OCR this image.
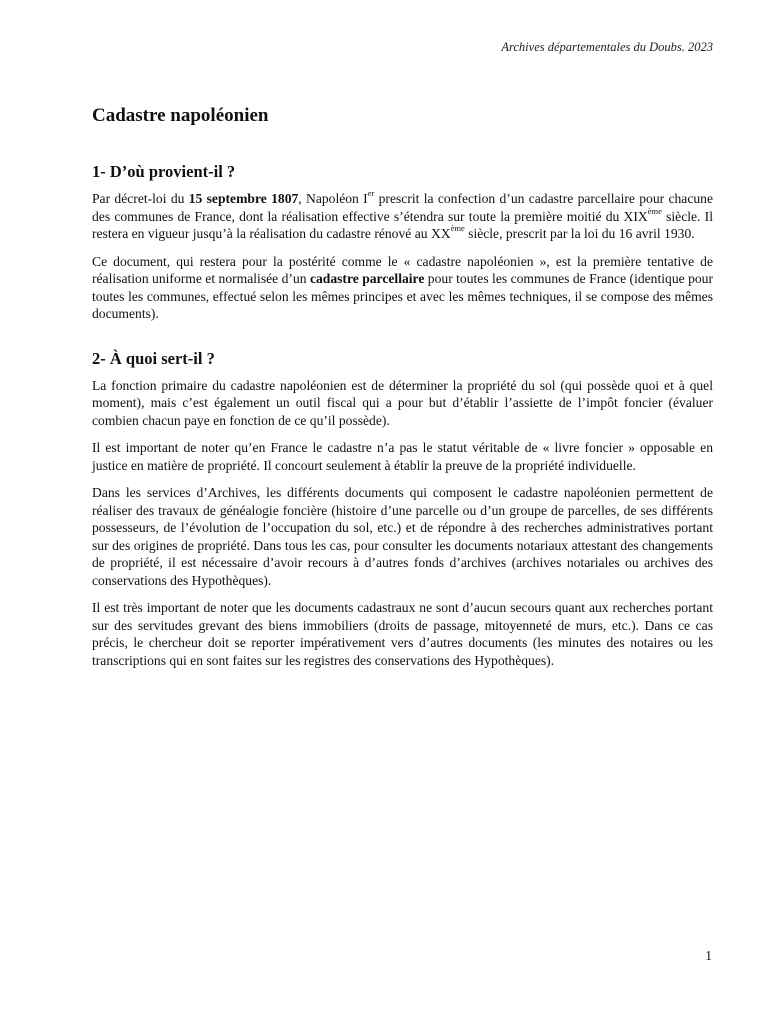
Archives départementales du Doubs. 2023
Cadastre napoléonien
1- D’où provient-il ?

Par décret-loi du 15 septembre 1807, Napoléon Ier prescrit la confection d’un cadastre parcellaire pour chacune des communes de France, dont la réalisation effective s’étendra sur toute la première moitié du XIXème siècle. Il restera en vigueur jusqu’à la réalisation du cadastre rénové au XXème siècle, prescrit par la loi du 16 avril 1930.

Ce document, qui restera pour la postérité comme le « cadastre napoléonien », est la première tentative de réalisation uniforme et normalisée d’un cadastre parcellaire pour toutes les communes de France (identique pour toutes les communes, effectué selon les mêmes principes et avec les mêmes techniques, il se compose des mêmes documents).

2- À quoi sert-il ?

La fonction primaire du cadastre napoléonien est de déterminer la propriété du sol (qui possède quoi et à quel moment), mais c’est également un outil fiscal qui a pour but d’établir l’assiette de l’impôt foncier (évaluer combien chacun paye en fonction de ce qu’il possède).

Il est important de noter qu’en France le cadastre n’a pas le statut véritable de « livre foncier » opposable en justice en matière de propriété. Il concourt seulement à établir la preuve de la propriété individuelle.

Dans les services d’Archives, les différents documents qui composent le cadastre napoléonien permettent de réaliser des travaux de généalogie foncière (histoire d’une parcelle ou d’un groupe de parcelles, de ses différents possesseurs, de l’évolution de l’occupation du sol, etc.) et de répondre à des recherches administratives portant sur des origines de propriété. Dans tous les cas, pour consulter les documents notariaux attestant des changements de propriété, il est nécessaire d’avoir recours à d’autres fonds d’archives (archives notariales ou archives des conservations des Hypothèques).

Il est très important de noter que les documents cadastraux ne sont d’aucun secours quant aux recherches portant sur des servitudes grevant des biens immobiliers (droits de passage, mitoyenneté de murs, etc.). Dans ce cas précis, le chercheur doit se reporter impérativement vers d’autres documents (les minutes des notaires ou les transcriptions qui en sont faites sur les registres des conservations des Hypothèques).

1
